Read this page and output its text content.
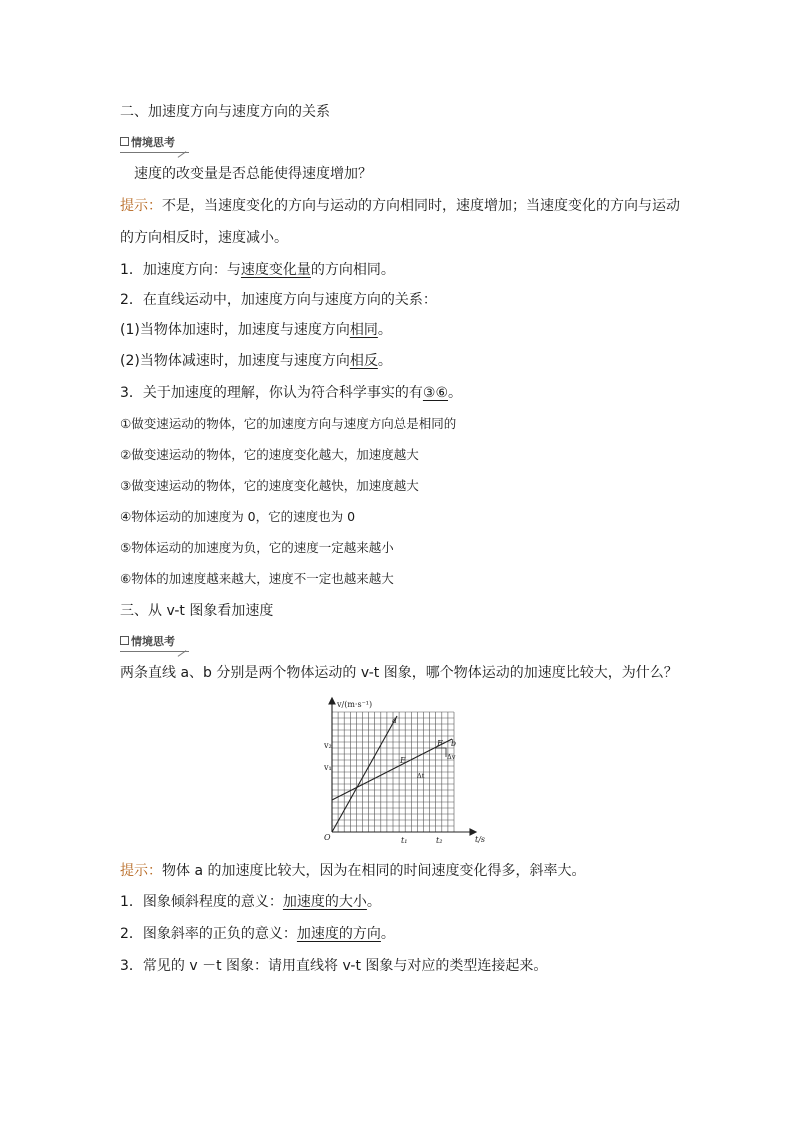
二、加速度方向与速度方向的关系
情境思考
速度的改变量是否总能使得速度增加？
提示：不是，当速度变化的方向与运动的方向相同时，速度增加；当速度变化的方向与运动
的方向相反时，速度减小。
1．加速度方向：与速度变化量的方向相同。
2．在直线运动中，加速度方向与速度方向的关系：
(1)当物体加速时，加速度与速度方向相同。
(2)当物体减速时，加速度与速度方向相反。
3．关于加速度的理解，你认为符合科学事实的有③⑥。
①做变速运动的物体，它的加速度方向与速度方向总是相同的
②做变速运动的物体，它的速度变化越大，加速度越大
③做变速运动的物体，它的速度变化越快，加速度越大
④物体运动的加速度为 0，它的速度也为 0
⑤物体运动的加速度为负，它的速度一定越来越小
⑥物体的加速度越来越大，速度不一定也越来越大
三、从 v-t 图象看加速度
情境思考
两条直线 a、b 分别是两个物体运动的 v-t 图象，哪个物体运动的加速度比较大，为什么？
v/(m·s⁻¹)
t/s
O
v₂
v₁
t₁	t₂
a
b
E
F
Δv
Δt
提示：物体 a 的加速度比较大，因为在相同的时间速度变化得多，斜率大。
1．图象倾斜程度的意义：加速度的大小。
2．图象斜率的正负的意义：加速度的方向。
3．常见的 v －t 图象：请用直线将 v-t 图象与对应的类型连接起来。
